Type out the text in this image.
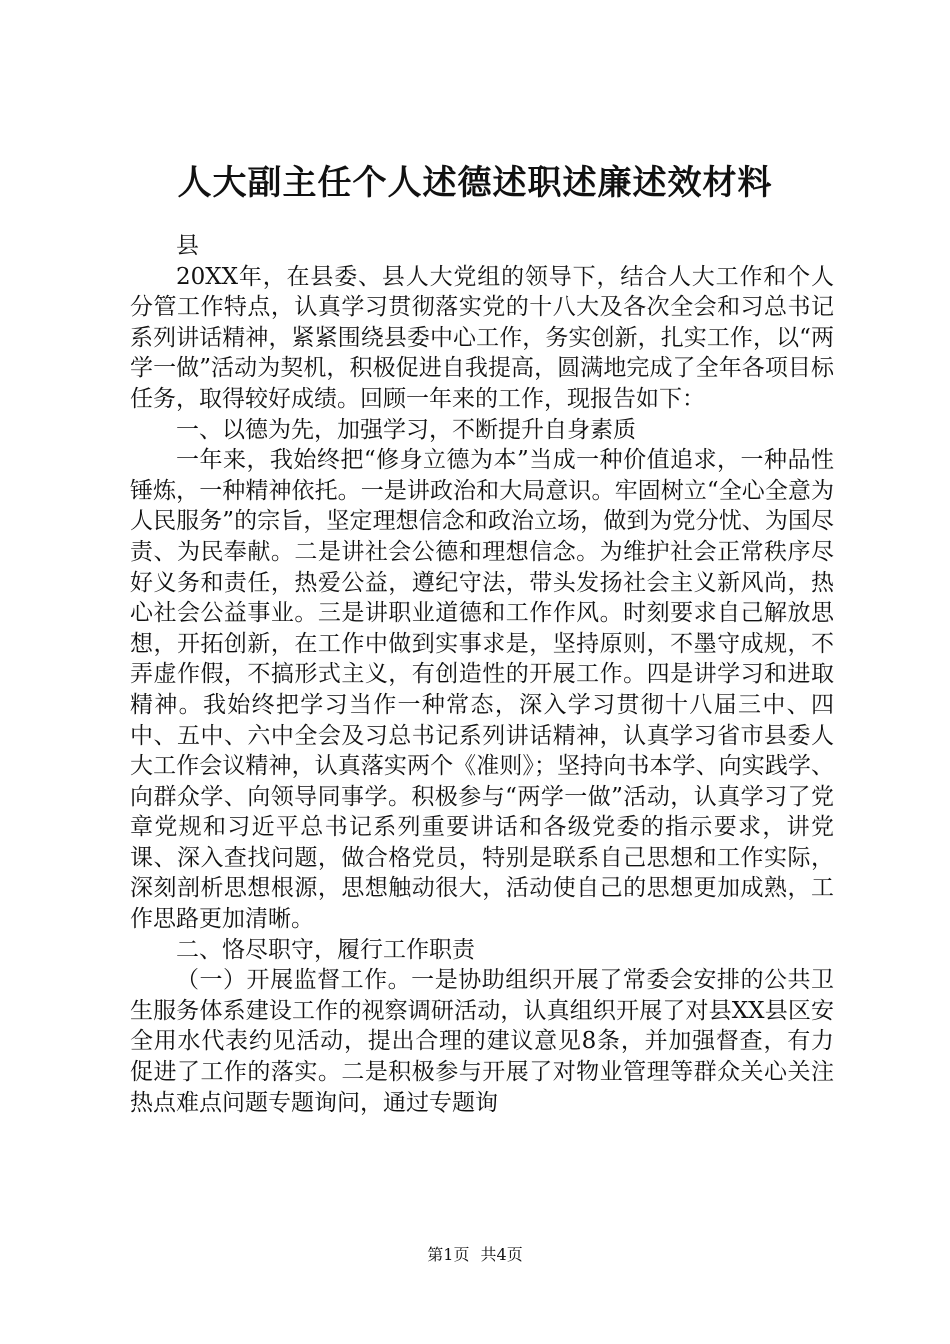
人大副主任个人述德述职述廉述效材料

县

20XX年，在县委、县人大党组的领导下，结合人大工作和个人分管工作特点，认真学习贯彻落实党的十八大及各次全会和习总书记系列讲话精神，紧紧围绕县委中心工作，务实创新，扎实工作，以“两学一做”活动为契机，积极促进自我提高，圆满地完成了全年各项目标任务，取得较好成绩。回顾一年来的工作，现报告如下：

一、以德为先，加强学习，不断提升自身素质

一年来，我始终把“修身立德为本”当成一种价值追求，一种品性锤炼，一种精神依托。一是讲政治和大局意识。牢固树立“全心全意为人民服务”的宗旨，坚定理想信念和政治立场，做到为党分忧、为国尽责、为民奉献。二是讲社会公德和理想信念。为维护社会正常秩序尽好义务和责任，热爱公益，遵纪守法，带头发扬社会主义新风尚，热心社会公益事业。三是讲职业道德和工作作风。时刻要求自己解放思想，开拓创新，在工作中做到实事求是，坚持原则，不墨守成规，不弄虚作假，不搞形式主义，有创造性的开展工作。四是讲学习和进取精神。我始终把学习当作一种常态，深入学习贯彻十八届三中、四中、五中、六中全会及习总书记系列讲话精神，认真学习省市县委人大工作会议精神，认真落实两个《准则》；坚持向书本学、向实践学、向群众学、向领导同事学。积极参与“两学一做”活动，认真学习了党章党规和习近平总书记系列重要讲话和各级党委的指示要求，讲党课、深入查找问题，做合格党员，特别是联系自己思想和工作实际，深刻剖析思想根源，思想触动很大，活动使自己的思想更加成熟，工作思路更加清晰。

二、恪尽职守，履行工作职责

（一）开展监督工作。一是协助组织开展了常委会安排的公共卫生服务体系建设工作的视察调研活动，认真组织开展了对县XX县区安全用水代表约见活动，提出合理的建议意见8条，并加强督查，有力促进了工作的落实。二是积极参与开展了对物业管理等群众关心关注热点难点问题专题询问，通过专题询

第1页 共4页
